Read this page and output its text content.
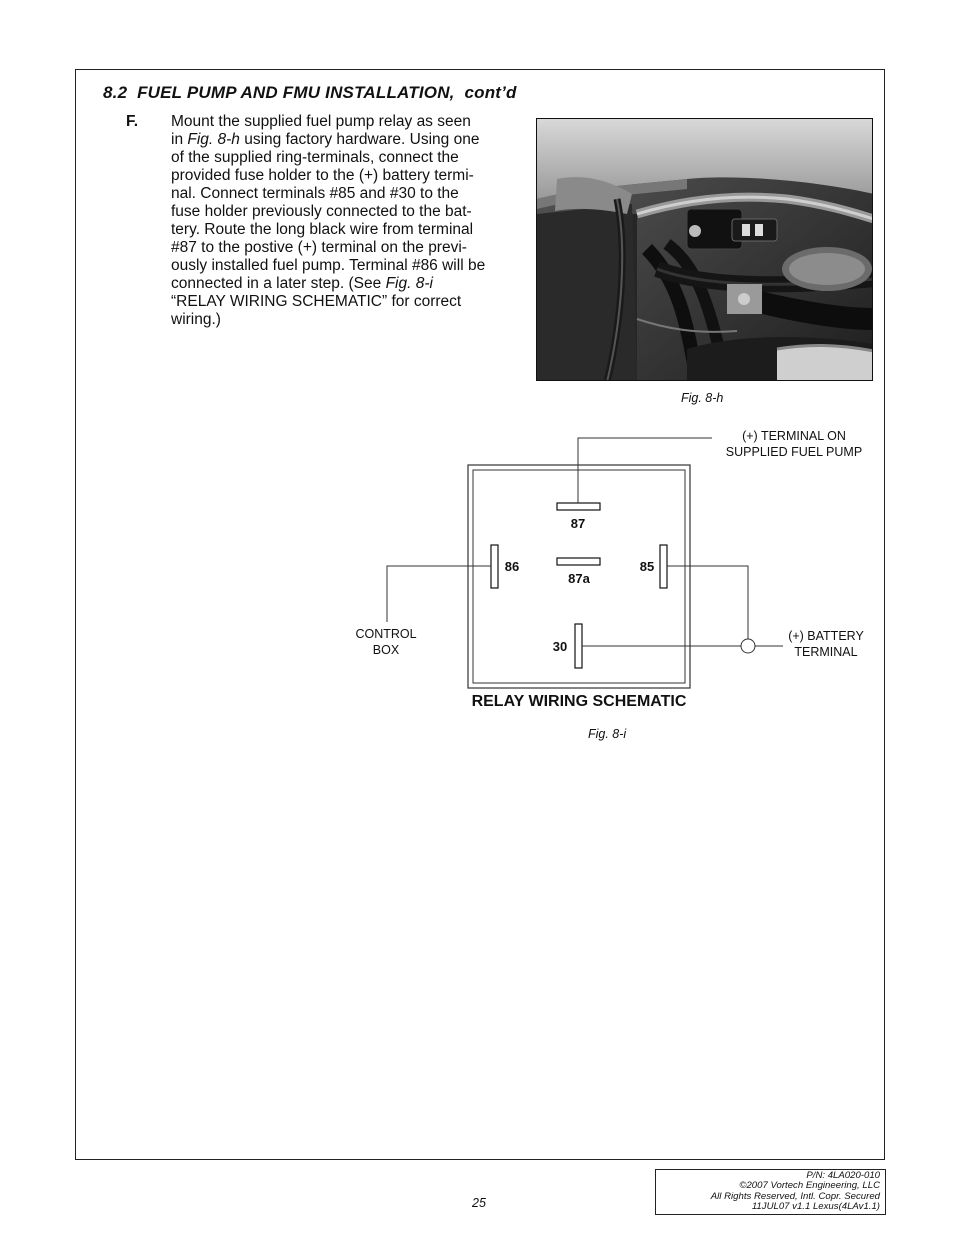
8.2  FUEL PUMP AND FMU INSTALLATION,  cont’d
F. Mount the supplied fuel pump relay as seen
in Fig. 8-h using factory hardware. Using one
of the supplied ring-terminals, connect the
provided fuse holder to the (+) battery termi-
nal. Connect terminals #85 and #30 to the
fuse holder previously connected to the bat-
tery. Route the long black wire from terminal
#87 to the postive (+) terminal on the previ-
ously installed fuel pump. Terminal #86 will be
connected in a later step. (See Fig. 8-i
“RELAY WIRING SCHEMATIC” for correct
wiring.)
Fig. 8-h
87
87a
86	85
30
(+) TERMINAL ON
SUPPLIED FUEL PUMP
CONTROL
BOX
(+) BATTERY
TERMINAL
RELAY WIRING SCHEMATIC
Fig. 8-i
25
P/N: 4LA020-010
©2007 Vortech Engineering, LLC
All Rights Reserved, Intl. Copr. Secured
11JUL07 v1.1 Lexus(4LAv1.1)
